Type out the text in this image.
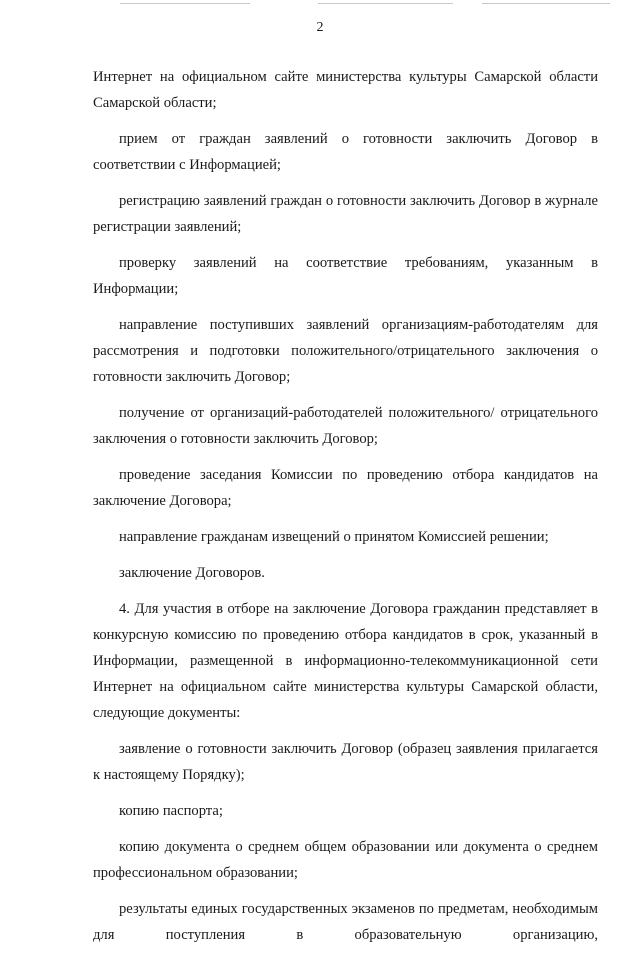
2

Интернет на официальном сайте министерства культуры Самарской области Самарской области;

прием от граждан заявлений о готовности заключить Договор в соответствии с Информацией;

регистрацию заявлений граждан о готовности заключить Договор в журнале регистрации заявлений;

проверку заявлений на соответствие требованиям, указанным в Информации;

направление поступивших заявлений организациям-работодателям для рассмотрения и подготовки положительного/отрицательного заключения о готовности заключить Договор;

получение от организаций-работодателей положительного/ отрицательного заключения о готовности заключить Договор;

проведение заседания Комиссии по проведению отбора кандидатов на заключение Договора;

направление гражданам извещений о принятом Комиссией решении;

заключение Договоров.

4. Для участия в отборе на заключение Договора гражданин представляет в конкурсную комиссию по проведению отбора кандидатов в срок, указанный в Информации, размещенной в информационно-телекоммуникационной сети Интернет на официальном сайте министерства культуры Самарской области, следующие документы:

заявление о готовности заключить Договор (образец заявления прилагается к настоящему Порядку);

копию паспорта;

копию документа о среднем общем образовании или документа о среднем профессиональном образовании;

результаты единых государственных экзаменов по предметам, необходимым для поступления в образовательную организацию,
